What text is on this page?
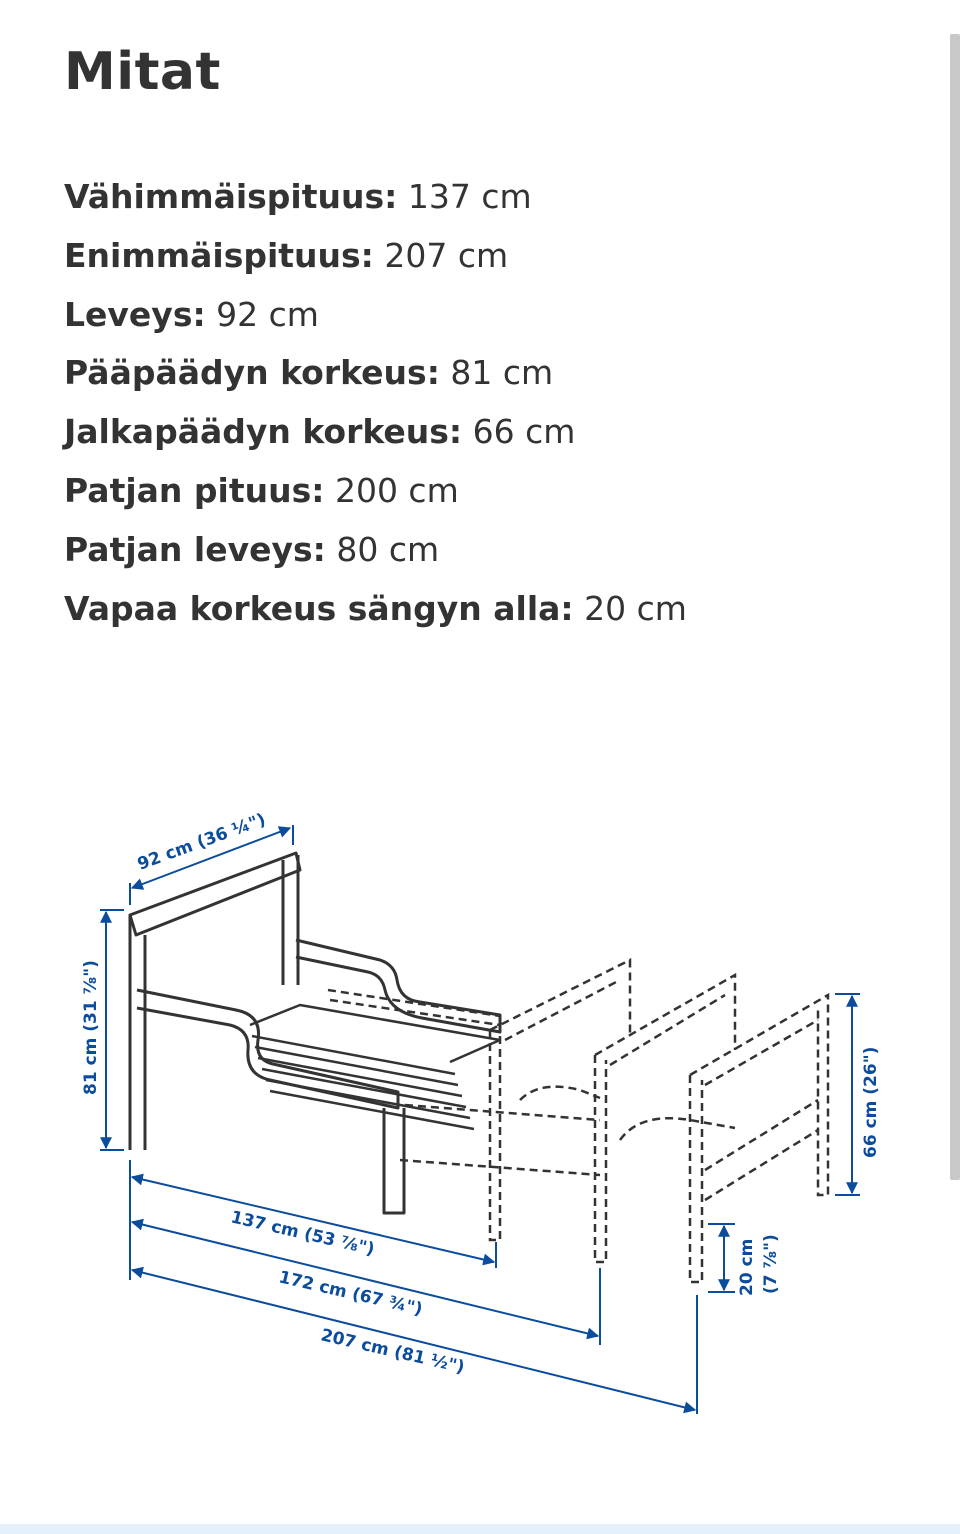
Mitat
Vähimmäispituus: 137 cm
Enimmäispituus: 207 cm
Leveys: 92 cm
Pääpäädyn korkeus: 81 cm
Jalkapäädyn korkeus: 66 cm
Patjan pituus: 200 cm
Patjan leveys: 80 cm
Vapaa korkeus sängyn alla: 20 cm
92 cm (36 ¼")
81 cm (31 ⅞")
66 cm (26")
20 cm (7 ⅞")
137 cm (53 ⅞")
172 cm (67 ¾")
207 cm (81 ½")
